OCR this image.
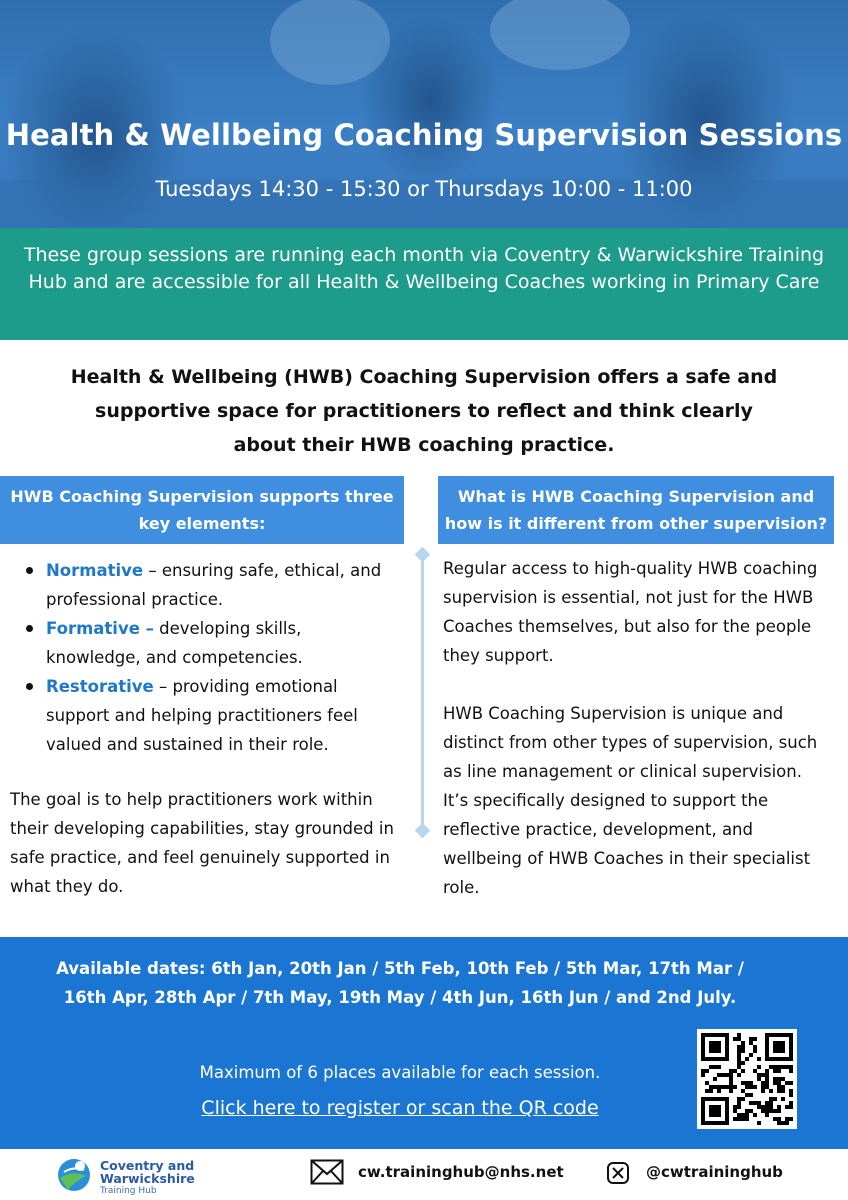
Health & Wellbeing Coaching Supervision Sessions
Tuesdays 14:30 - 15:30 or Thursdays 10:00 - 11:00
These group sessions are running each month via Coventry & Warwickshire Training Hub and are accessible for all Health & Wellbeing Coaches working in Primary Care
Health & Wellbeing (HWB) Coaching Supervision offers a safe and
supportive space for practitioners to reflect and think clearly
about their HWB coaching practice.
HWB Coaching Supervision supports three
key elements:
What is HWB Coaching Supervision and
how is it different from other supervision?
Normative – ensuring safe, ethical, and professional practice.
Formative – developing skills, knowledge, and competencies.
Restorative – providing emotional support and helping practitioners feel valued and sustained in their role.

The goal is to help practitioners work within their developing capabilities, stay grounded in safe practice, and feel genuinely supported in what they do.

Regular access to high-quality HWB coaching supervision is essential, not just for the HWB Coaches themselves, but also for the people they support.

HWB Coaching Supervision is unique and distinct from other types of supervision, such as line management or clinical supervision. It’s specifically designed to support the reflective practice, development, and wellbeing of HWB Coaches in their specialist role.

Available dates: 6th Jan, 20th Jan / 5th Feb, 10th Feb / 5th Mar, 17th Mar / 16th Apr, 28th Apr / 7th May, 19th May / 4th Jun, 16th Jun / and 2nd July.
Maximum of 6 places available for each session.
Click here to register or scan the QR code
Coventry and
Warwickshire
Training Hub
cw.traininghub@nhs.net	@cwtraininghub
